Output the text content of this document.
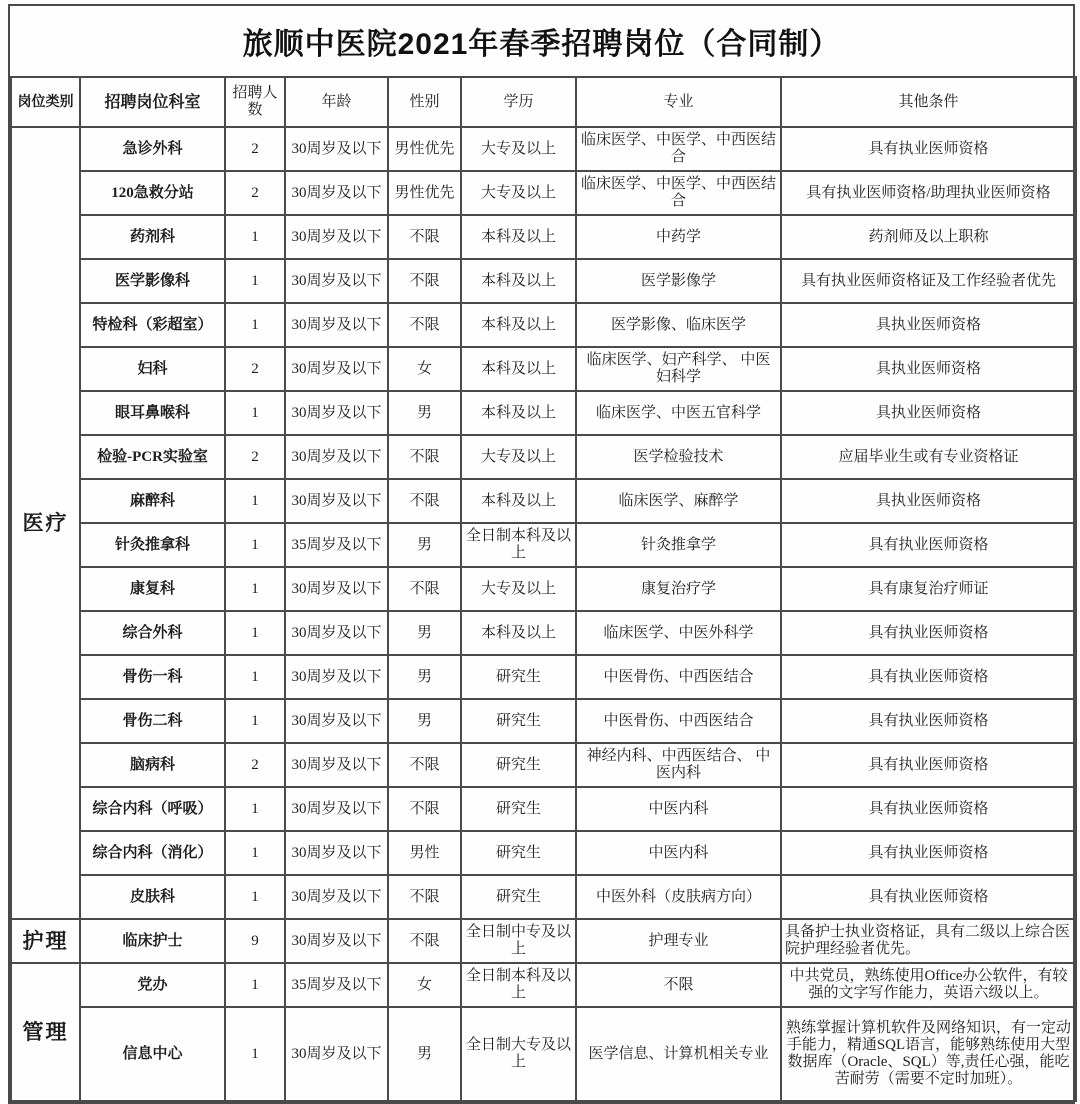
旅顺中医院2021年春季招聘岗位（合同制）
岗位类别	招聘岗位科室	招聘人数	年龄	性别	学历	专业	其他条件
医疗	急诊外科	2	30周岁及以下	男性优先	大专及以上	临床医学、中医学、中西医结合	具有执业医师资格
	120急救分站	2	30周岁及以下	男性优先	大专及以上	临床医学、中医学、中西医结合	具有执业医师资格/助理执业医师资格
	药剂科	1	30周岁及以下	不限	本科及以上	中药学	药剂师及以上职称
	医学影像科	1	30周岁及以下	不限	本科及以上	医学影像学	具有执业医师资格证及工作经验者优先
	特检科（彩超室）	1	30周岁及以下	不限	本科及以上	医学影像、临床医学	具执业医师资格
	妇科	2	30周岁及以下	女	本科及以上	临床医学、妇产科学、 中医妇科学	具执业医师资格
	眼耳鼻喉科	1	30周岁及以下	男	本科及以上	临床医学、中医五官科学	具执业医师资格
	检验-PCR实验室	2	30周岁及以下	不限	大专及以上	医学检验技术	应届毕业生或有专业资格证
	麻醉科	1	30周岁及以下	不限	本科及以上	临床医学、麻醉学	具执业医师资格
	针灸推拿科	1	35周岁及以下	男	全日制本科及以上	针灸推拿学	具有执业医师资格
	康复科	1	30周岁及以下	不限	大专及以上	康复治疗学	具有康复治疗师证
	综合外科	1	30周岁及以下	男	本科及以上	临床医学、中医外科学	具有执业医师资格
	骨伤一科	1	30周岁及以下	男	研究生	中医骨伤、中西医结合	具有执业医师资格
	骨伤二科	1	30周岁及以下	男	研究生	中医骨伤、中西医结合	具有执业医师资格
	脑病科	2	30周岁及以下	不限	研究生	神经内科、中西医结合、 中医内科	具有执业医师资格
	综合内科（呼吸）	1	30周岁及以下	不限	研究生	中医内科	具有执业医师资格
	综合内科（消化）	1	30周岁及以下	男性	研究生	中医内科	具有执业医师资格
	皮肤科	1	30周岁及以下	不限	研究生	中医外科（皮肤病方向）	具有执业医师资格
护理	临床护士	9	30周岁及以下	不限	全日制中专及以上	护理专业	具备护士执业资格证，具有二级以上综合医院护理经验者优先。
管理	党办	1	35周岁及以下	女	全日制本科及以上	不限	中共党员，熟练使用Office办公软件，有较强的文字写作能力，英语六级以上。
	信息中心	1	30周岁及以下	男	全日制大专及以上	医学信息、计算机相关专业	熟练掌握计算机软件及网络知识，有一定动手能力，精通SQL语言，能够熟练使用大型数据库（Oracle、SQL）等,责任心强，能吃苦耐劳（需要不定时加班）。
